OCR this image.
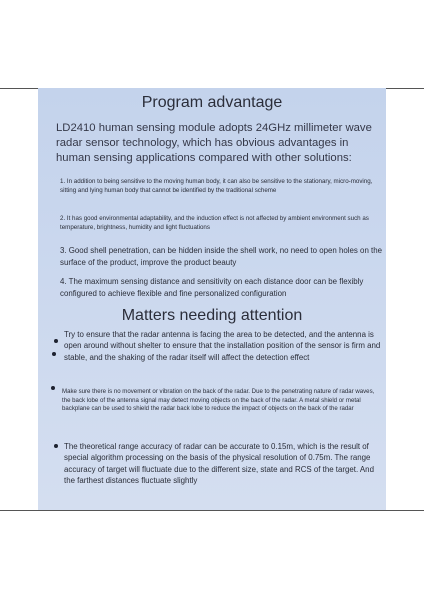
Program advantage
LD2410 human sensing module adopts 24GHz millimeter wave radar sensor technology, which has obvious advantages in human sensing applications compared with other solutions:
1. In addition to being sensitive to the moving human body, it can also be sensitive to the stationary, micro-moving, sitting and lying human body that cannot be identified by the traditional scheme
2. It has good environmental adaptability, and the induction effect is not affected by ambient environment such as temperature, brightness, humidity and light fluctuations
3. Good shell penetration, can be hidden inside the shell work, no need to open holes on the surface of the product, improve the product beauty
4. The maximum sensing distance and sensitivity on each distance door can be flexibly configured to achieve flexible and fine personalized configuration
Matters needing attention
Try to ensure that the radar antenna is facing the area to be detected, and the antenna is open around without shelter to ensure that the installation position of the sensor is firm and stable, and the shaking of the radar itself will affect the detection effect
Make sure there is no movement or vibration on the back of the radar. Due to the penetrating nature of radar waves, the back lobe of the antenna signal may detect moving objects on the back of the radar. A metal shield or metal backplane can be used to shield the radar back lobe to reduce the impact of objects on the back of the radar
The theoretical range accuracy of radar can be accurate to 0.15m, which is the result of special algorithm processing on the basis of the physical resolution of 0.75m. The range accuracy of target will fluctuate due to the different size, state and RCS of the target. And the farthest distances fluctuate slightly
